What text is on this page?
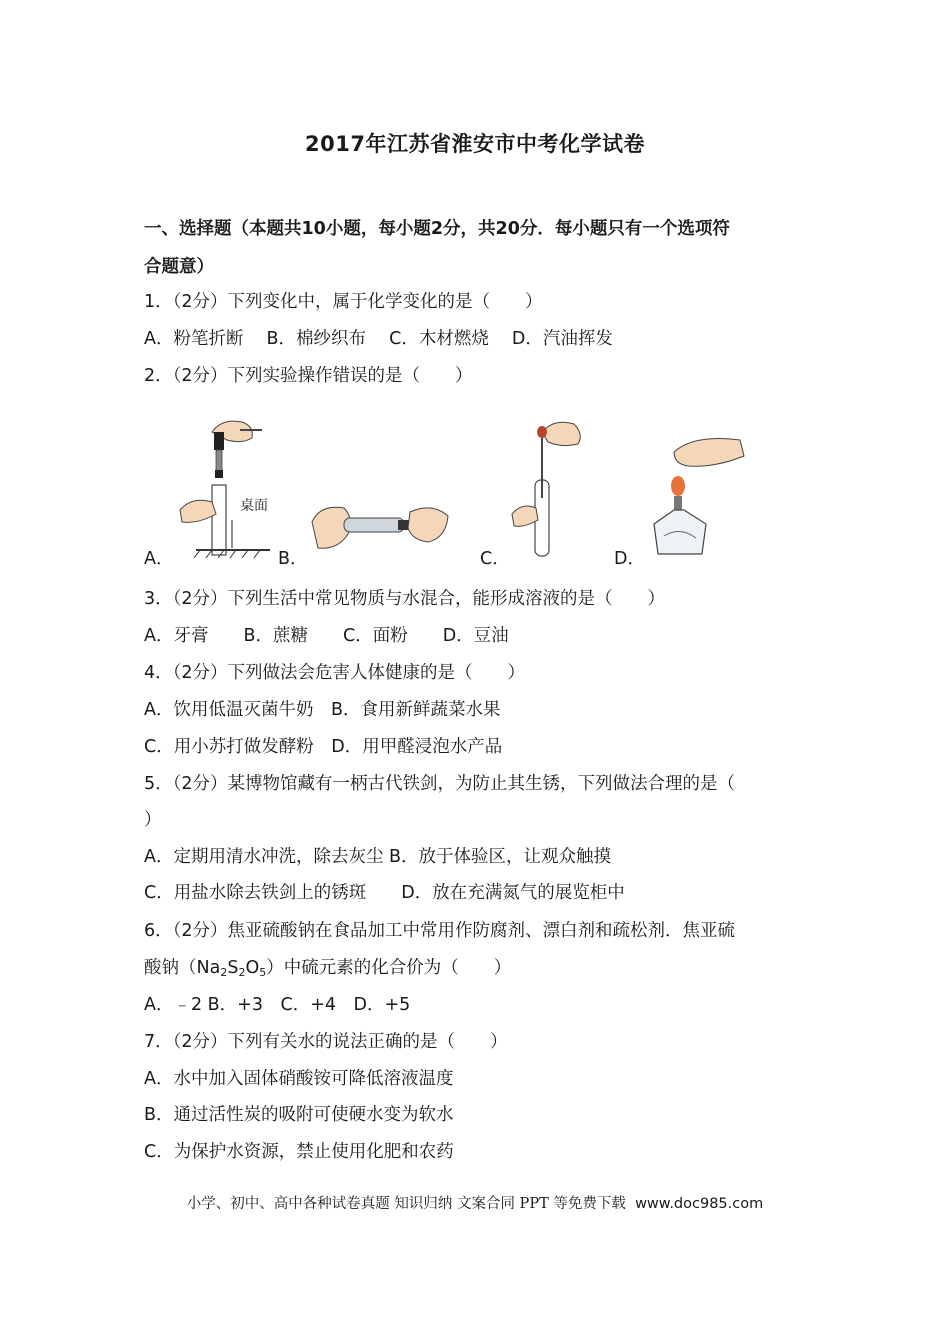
2017年江苏省淮安市中考化学试卷
一、选择题（本题共10小题，每小题2分，共20分．每小题只有一个选项符
合题意）
1．（2分）下列变化中，属于化学变化的是（　　）
A．粉笔折断　 B．棉纱织布　 C．木材燃烧　 D．汽油挥发
2．（2分）下列实验操作错误的是（　　）
A．	B．	C．	D．
桌面
3．（2分）下列生活中常见物质与水混合，能形成溶液的是（　　）
A．牙膏　　B．蔗糖　　C．面粉　　D．豆油
4．（2分）下列做法会危害人体健康的是（　　）
A．饮用低温灭菌牛奶　B．食用新鲜蔬菜水果
C．用小苏打做发酵粉　D．用甲醛浸泡水产品
5．（2分）某博物馆藏有一柄古代铁剑，为防止其生锈，下列做法合理的是（
）
A．定期用清水冲洗，除去灰尘 B．放于体验区，让观众触摸
C．用盐水除去铁剑上的锈斑　　D．放在充满氮气的展览柜中
6．（2分）焦亚硫酸钠在食品加工中常用作防腐剂、漂白剂和疏松剂．焦亚硫
酸钠$(Na_2S_2O_5)$中硫元素的化合价为（　　）
A．﹣2 B．+3　C．+4　D．+5
7．（2分）下列有关水的说法正确的是（　　）
A．水中加入固体硝酸铵可降低溶液温度
B．通过活性炭的吸附可使硬水变为软水
C．为保护水资源，禁止使用化肥和农药
小学、初中、高中各种试卷真题 知识归纳 文案合同 PPT 等免费下载 www.doc985.com
